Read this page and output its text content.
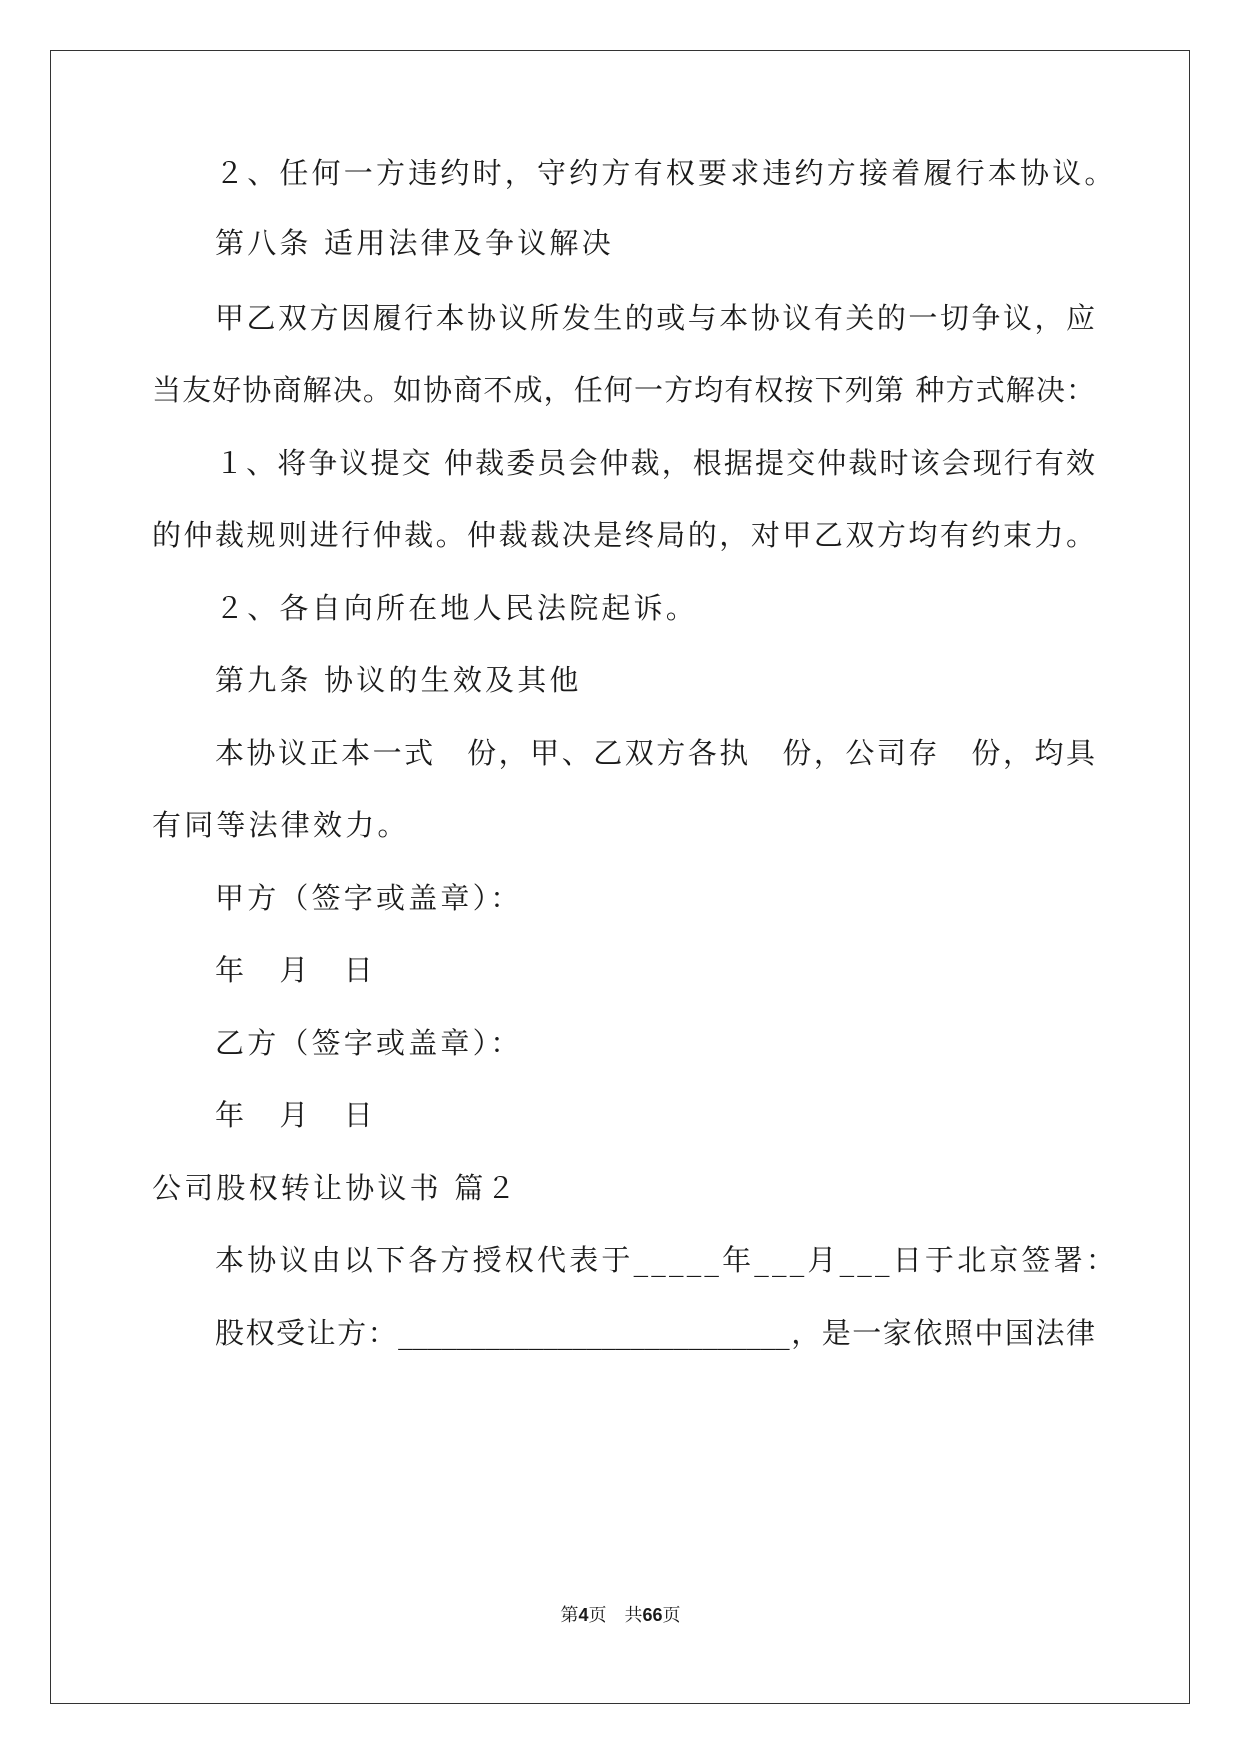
２、任何一方违约时，守约方有权要求违约方接着履行本协议。
第八条 适用法律及争议解决
甲乙双方因履行本协议所发生的或与本协议有关的一切争议，应
当友好协商解决。如协商不成，任何一方均有权按下列第 种方式解决：
１、将争议提交 仲裁委员会仲裁，根据提交仲裁时该会现行有效
的仲裁规则进行仲裁。仲裁裁决是终局的，对甲乙双方均有约束力。
２、各自向所在地人民法院起诉。
第九条 协议的生效及其他
本协议正本一式　份，甲、乙双方各执　份，公司存　份，均具
有同等法律效力。
甲方（签字或盖章）：
年　月　日
乙方（签字或盖章）：
年　月　日
公司股权转让协议书 篇２
本协议由以下各方授权代表于_____年___月___日于北京签署：
股权受让方：___________________________，是一家依照中国法律
第4页　共66页
